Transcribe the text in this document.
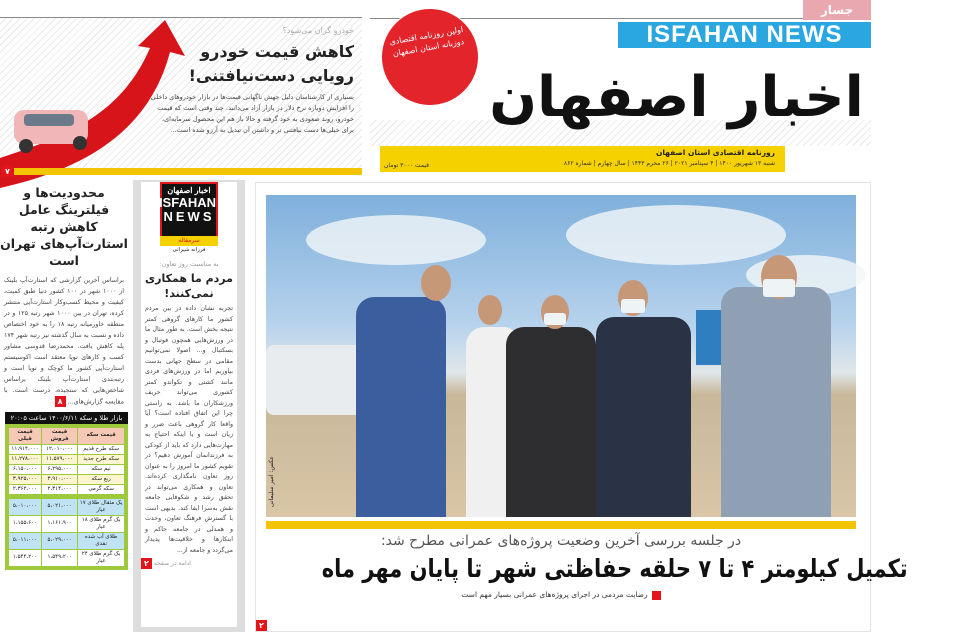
خودرو گران می‌شود؟
کاهش قیمت خودرو رویایی دست‌نیافتنی!
بسیاری از کارشناسان دلیل جهش ناگهانی قیمت‌ها در بازار خودروهای داخلی را افزایش دوباره نرخ دلار در بازار آزاد می‌دانند. چند وقتی است که قیمت خودرو، روند صعودی به خود گرفته و حالا باز هم این محصول سرمایه‌ای، برای خیلی‌ها دست نیافتنی تر و داشتن آن تبدیل به آرزو شده است...
۷
ISFAHAN NEWS
جسار
اولین روزنامه اقتصادی دوزبانه استان اصفهان
اخبار اصفهان
روزنامه اقتصادی استان اصفهان
شنبه ۱۳ شهریور ۱۴۰۰ | ۴ سپتامبر ۲۰۲۱ | ۲۶ محرم ۱۴۴۳ | سال چهارم | شماره ۸۶۲
قیمت ۳۰۰۰ تومان
محدودیت‌ها و فیلترینگ عامل کاهش رتبه استارت‌آپ‌های تهران است
براساس آخرین گزارشی که استارت‌آپ بلینک از ۱۰۰۰ شهر در ۱۰۰ کشور دنیا طبق کمیت، کیفیت و محیط کسب‌وکار استارت‌آپی منتشر کرده، تهران در بین ۱۰۰۰ شهر رتبه ۱۲۵ و در منطقه خاورمیانه رتبه ۱۸ را به خود اختصاص داده و نسبت به سال گذشته نیز رتبه شهر ۱۷۴ پله کاهش یافت. محمدرضا قدوسی مشاور کسب و کارهای نوپا معتقد است اکوسیستم استارت‌آپی کشور ما کوچک و نوپا است و رتبه‌بندی استارت‌آپ بلینک براساس شاخص‌هایی که سنجیده، درست است. با مقایسه گزارش‌های... ۸
بازار طلا و سکه ۱۴۰۰/۶/۱۱ ساعت ۲۰:۰۵
قیمت سکه	قیمت فروش	قیمت قبلی
سکه طرح قدیم	۱۲،۰۱۰،۰۰۰	۱۱،۹۱۴،۰۰۰
سکه طرح جدید	۱۱،۵۷۹،۰۰۰	۱۱،۲۷۸،۰۰۰
نیم سکه	۶،۲۹۵،۰۰۰	۶،۱۵۰،۰۰۰
ربع سکه	۳،۹۱۰،۰۰۰	۳،۹۲۵،۰۰۰
سکه گرمی	۲،۳۱۴،۰۰۰	۲،۳۶۲،۰۰۰

یک مثقال طلای ۱۷ عیار	۵،۰۲۱،۰۰۰	۵،۰۱۰،۰۰۰
یک گرم طلای ۱۸ عیار	۱،۱۶۱،۹۰۰	۱،۱۵۵،۶۰۰
طلای آب شده نقدی	۵،۰۲۹،۰۰۰	۵،۰۱۱،۰۰۰
یک گرم طلای ۲۴ عیار	۱،۵۴۹،۲۰۰	۱،۵۴۴،۲۰۰
اخبار اصفهان
ISFAHAN
NEWS
سرمقاله
فرزانه شیرانی
به مناسبت روز تعاون:
مردم ما همکاری نمی‌کنند!
تجربه نشان داده در بین مردم کشور ما کارهای گروهی کمتر نتیجه بخش است. به طور مثال ما در ورزش‌هایی همچون فوتبال و بسکتبال و... اصولا نمی‌توانیم مقامی در سطح جهانی بدست بیاوریم اما در ورزش‌های فردی مانند کشتی و تکواندو کمتر کشوری می‌تواند حریف ورزشکاران ما باشد. به راستی چرا این اتفاق افتاده است؟ آیا واقعا کار گروهی باعث ضرر و زیان است و یا اینکه احتیاج به مهارت‌هایی دارد که باید از کودکی به فرزندانمان آموزش دهیم؟ در تقویم کشور ما امروز را به عنوان روز تعاون نامگذاری کرده‌اند. تعاون و همکاری می‌تواند در تحقق رشد و شکوفایی جامعه نقش به‌سزا ایفا کند. بدیهی است با گسترش فرهنگ تعاون، وحدت و همدلی در جامعه حاکم و ابتکارها و خلاقیت‌ها پدیدار می‌گردد و جامعه از...
ادامه در صفحه ۲
عکس: امیر سلیمانی
در جلسه بررسی آخرین وضعیت پروژه‌های عمرانی مطرح شد:
تکمیل کیلومتر ۴ تا ۷ حلقه حفاظتی شهر تا پایان مهر ماه
رضایت مردمی در اجرای پروژه‌های عمرانی بسیار مهم است
۲
